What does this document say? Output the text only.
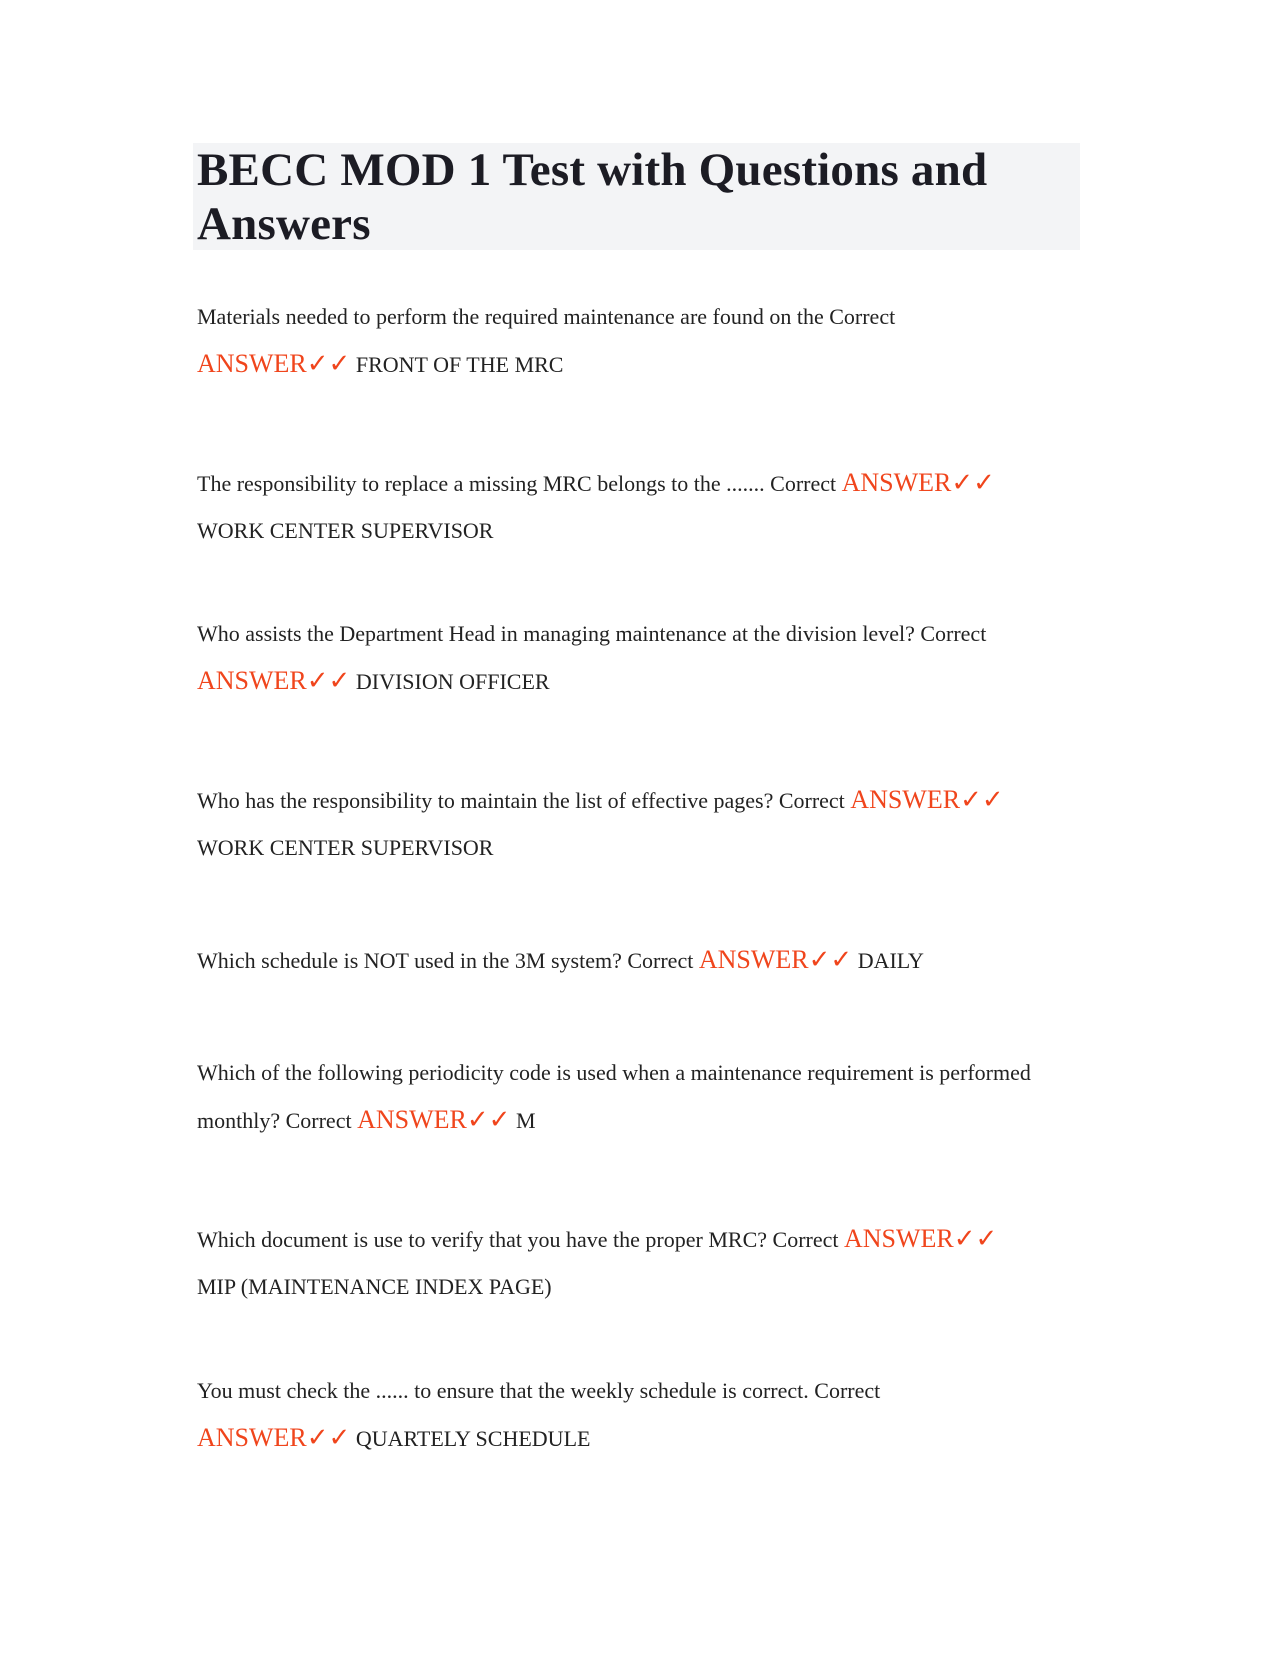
BECC MOD 1 Test with Questions and Answers
Materials needed to perform the required maintenance are found on the Correct
ANSWER✓✓ FRONT OF THE MRC
The responsibility to replace a missing MRC belongs to the ....... Correct ANSWER✓✓
WORK CENTER SUPERVISOR
Who assists the Department Head in managing maintenance at the division level? Correct
ANSWER✓✓ DIVISION OFFICER
Who has the responsibility to maintain the list of effective pages? Correct ANSWER✓✓
WORK CENTER SUPERVISOR
Which schedule is NOT used in the 3M system? Correct ANSWER✓✓ DAILY
Which of the following periodicity code is used when a maintenance requirement is performed monthly? Correct ANSWER✓✓ M
Which document is use to verify that you have the proper MRC? Correct ANSWER✓✓
MIP (MAINTENANCE INDEX PAGE)
You must check the ...... to ensure that the weekly schedule is correct. Correct
ANSWER✓✓ QUARTELY SCHEDULE
